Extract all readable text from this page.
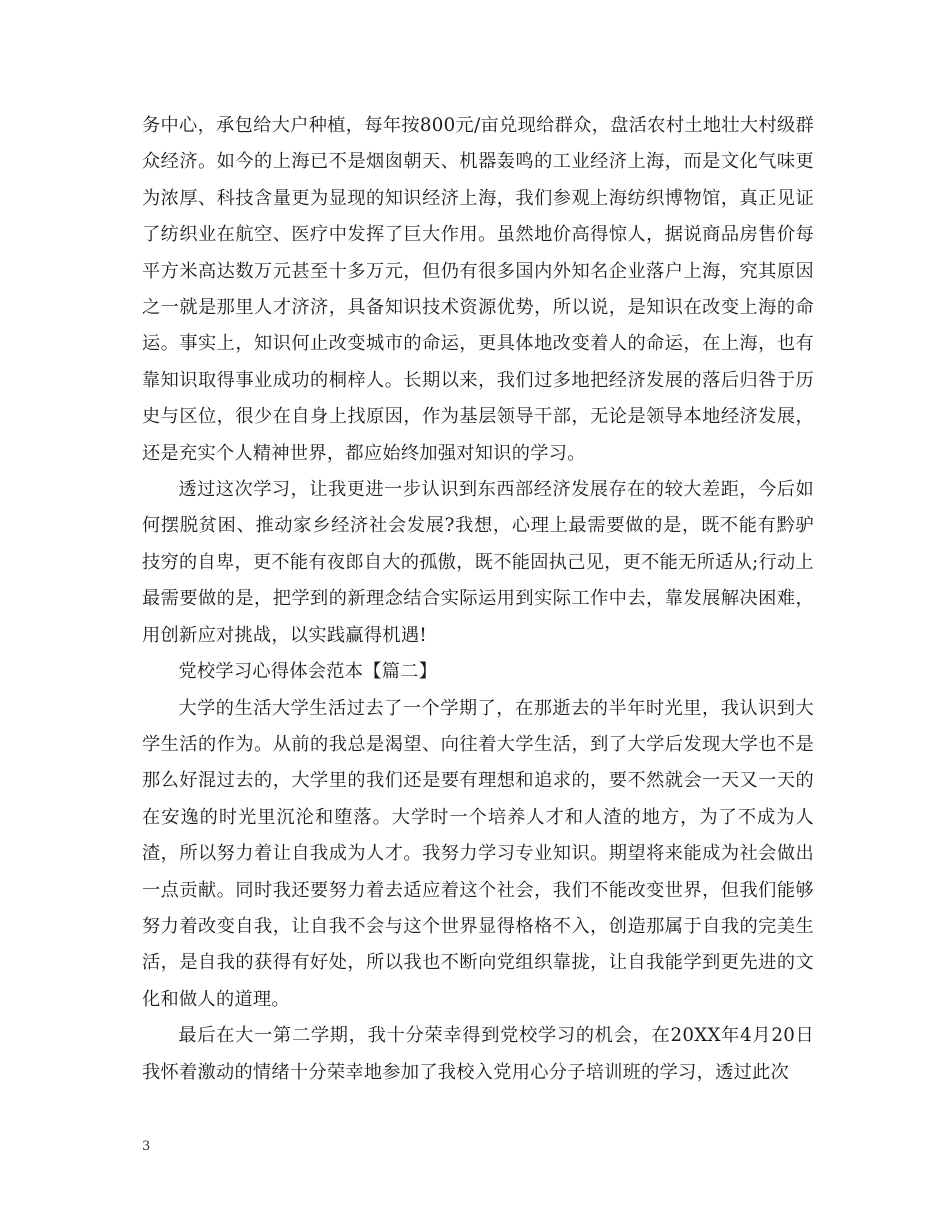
务中心，承包给大户种植，每年按800元/亩兑现给群众，盘活农村土地壮大村级群众经济。如今的上海已不是烟囱朝天、机器轰鸣的工业经济上海，而是文化气味更为浓厚、科技含量更为显现的知识经济上海，我们参观上海纺织博物馆，真正见证了纺织业在航空、医疗中发挥了巨大作用。虽然地价高得惊人，据说商品房售价每平方米高达数万元甚至十多万元，但仍有很多国内外知名企业落户上海，究其原因之一就是那里人才济济，具备知识技术资源优势，所以说，是知识在改变上海的命运。事实上，知识何止改变城市的命运，更具体地改变着人的命运，在上海，也有靠知识取得事业成功的桐梓人。长期以来，我们过多地把经济发展的落后归咎于历史与区位，很少在自身上找原因，作为基层领导干部，无论是领导本地经济发展，还是充实个人精神世界，都应始终加强对知识的学习。

透过这次学习，让我更进一步认识到东西部经济发展存在的较大差距，今后如何摆脱贫困、推动家乡经济社会发展?我想，心理上最需要做的是，既不能有黔驴技穷的自卑，更不能有夜郎自大的孤傲，既不能固执己见，更不能无所适从;行动上最需要做的是，把学到的新理念结合实际运用到实际工作中去，靠发展解决困难，用创新应对挑战，以实践赢得机遇!

党校学习心得体会范本【篇二】

大学的生活大学生活过去了一个学期了，在那逝去的半年时光里，我认识到大学生活的作为。从前的我总是渴望、向往着大学生活，到了大学后发现大学也不是那么好混过去的，大学里的我们还是要有理想和追求的，要不然就会一天又一天的在安逸的时光里沉沦和堕落。大学时一个培养人才和人渣的地方，为了不成为人渣，所以努力着让自我成为人才。我努力学习专业知识。期望将来能成为社会做出一点贡献。同时我还要努力着去适应着这个社会，我们不能改变世界，但我们能够努力着改变自我，让自我不会与这个世界显得格格不入，创造那属于自我的完美生活，是自我的获得有好处，所以我也不断向党组织靠拢，让自我能学到更先进的文化和做人的道理。

最后在大一第二学期，我十分荣幸得到党校学习的机会，在20XX年4月20日我怀着激动的情绪十分荣幸地参加了我校入党用心分子培训班的学习，透过此次

3
